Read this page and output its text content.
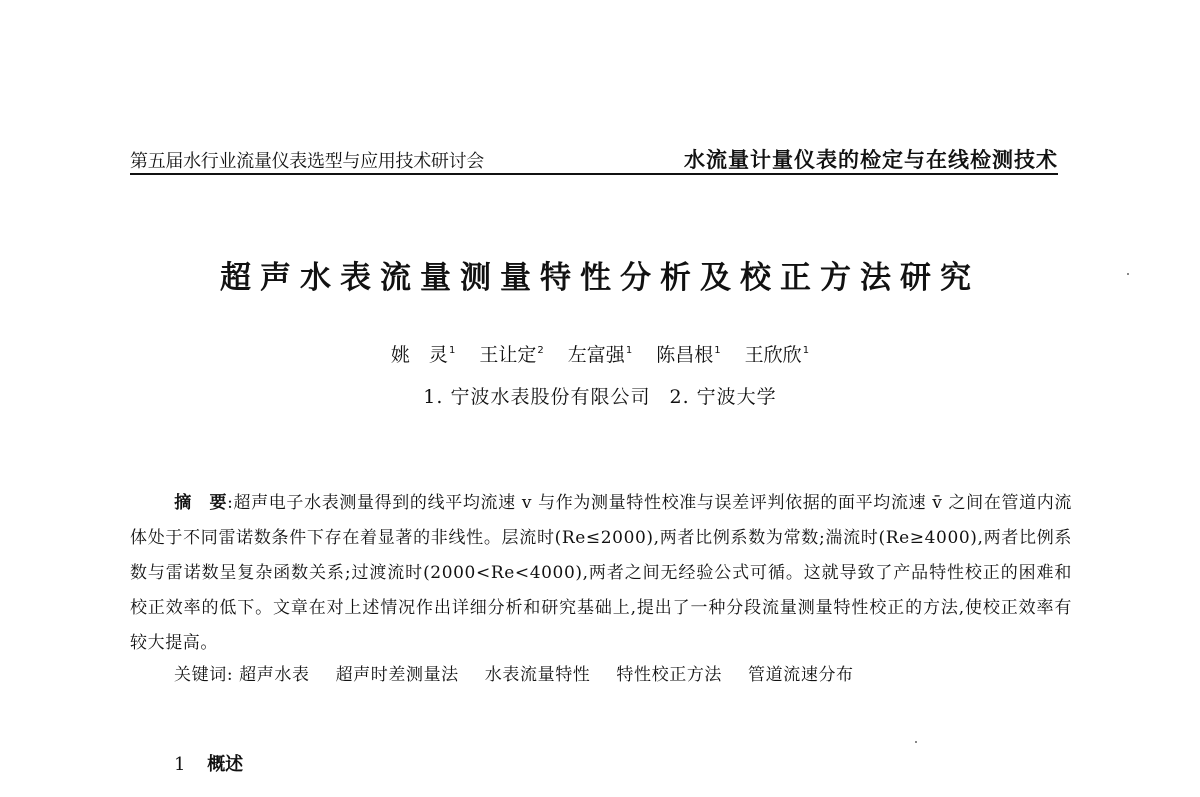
第五届水行业流量仪表选型与应用技术研讨会	水流量计量仪表的检定与在线检测技术
超声水表流量测量特性分析及校正方法研究
姚　灵$^1$ 王让定$^2$ 左富强$^1$ 陈昌根$^1$ 王欣欣$^1$
1. 宁波水表股份有限公司 2. 宁波大学
摘　要:超声电子水表测量得到的线平均流速 v 与作为测量特性校准与误差评判依据的面平均流速 v̄ 之间在管道内流体处于不同雷诺数条件下存在着显著的非线性。层流时(Re≤2000),两者比例系数为常数;湍流时(Re≥4000),两者比例系数与雷诺数呈复杂函数关系;过渡流时(2000<Re<4000),两者之间无经验公式可循。这就导致了产品特性校正的困难和校正效率的低下。文章在对上述情况作出详细分析和研究基础上,提出了一种分段流量测量特性校正的方法,使校正效率有较大提高。
关键词: 超声水表 超声时差测量法 水表流量特性 特性校正方法 管道流速分布
1 概述
